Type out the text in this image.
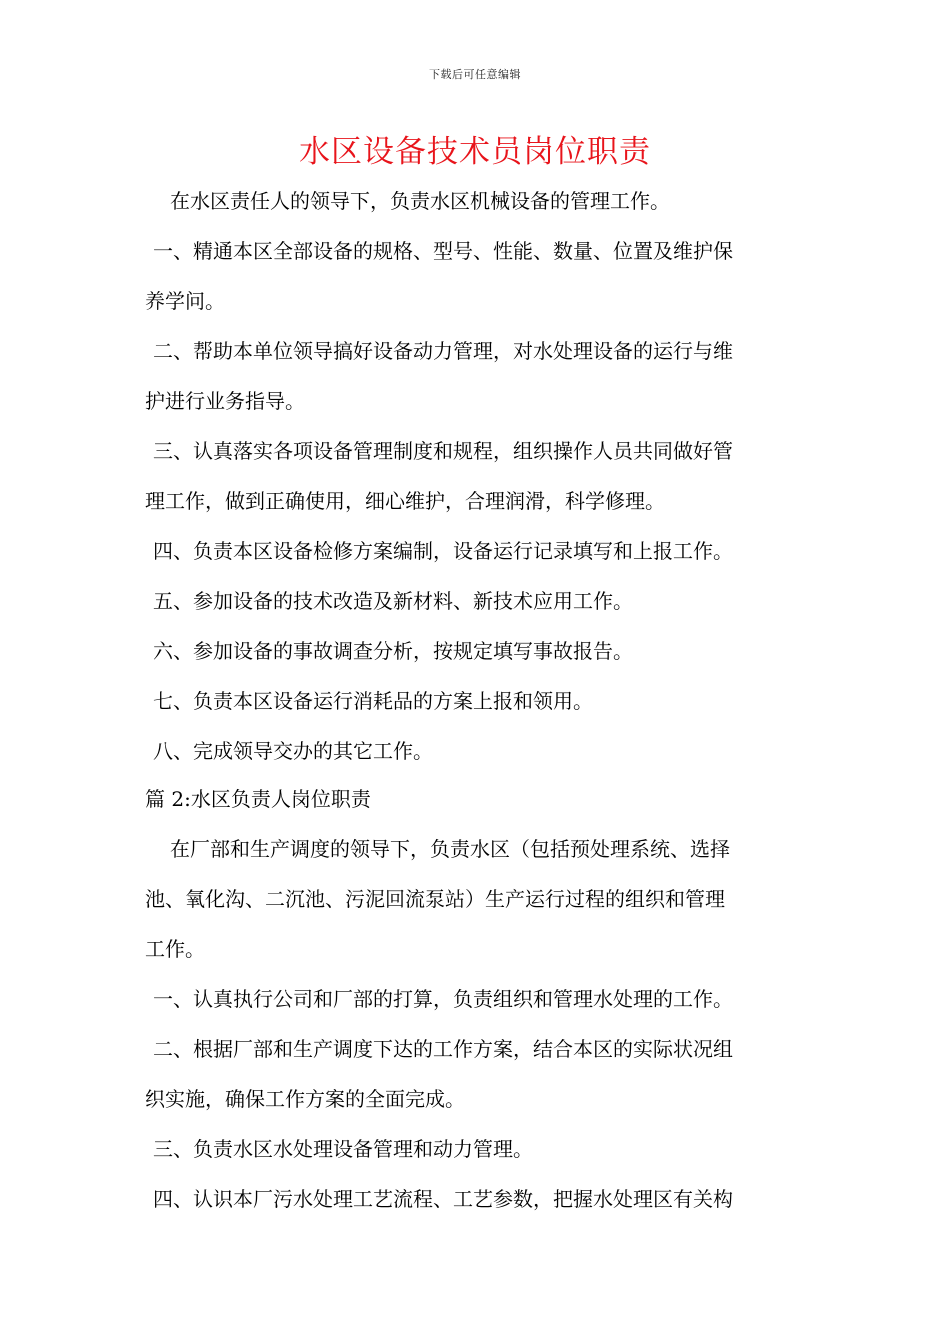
下载后可任意编辑
水区设备技术员岗位职责
在水区责任人的领导下，负责水区机械设备的管理工作。
一、精通本区全部设备的规格、型号、性能、数量、位置及维护保
养学问。
二、帮助本单位领导搞好设备动力管理，对水处理设备的运行与维
护进行业务指导。
三、认真落实各项设备管理制度和规程，组织操作人员共同做好管
理工作，做到正确使用，细心维护，合理润滑，科学修理。
四、负责本区设备检修方案编制，设备运行记录填写和上报工作。
五、参加设备的技术改造及新材料、新技术应用工作。
六、参加设备的事故调查分析，按规定填写事故报告。
七、负责本区设备运行消耗品的方案上报和领用。
八、完成领导交办的其它工作。
篇 2:水区负责人岗位职责
在厂部和生产调度的领导下，负责水区（包括预处理系统、选择
池、氧化沟、二沉池、污泥回流泵站）生产运行过程的组织和管理
工作。
一、认真执行公司和厂部的打算，负责组织和管理水处理的工作。
二、根据厂部和生产调度下达的工作方案，结合本区的实际状况组
织实施，确保工作方案的全面完成。
三、负责水区水处理设备管理和动力管理。
四、认识本厂污水处理工艺流程、工艺参数，把握水处理区有关构
